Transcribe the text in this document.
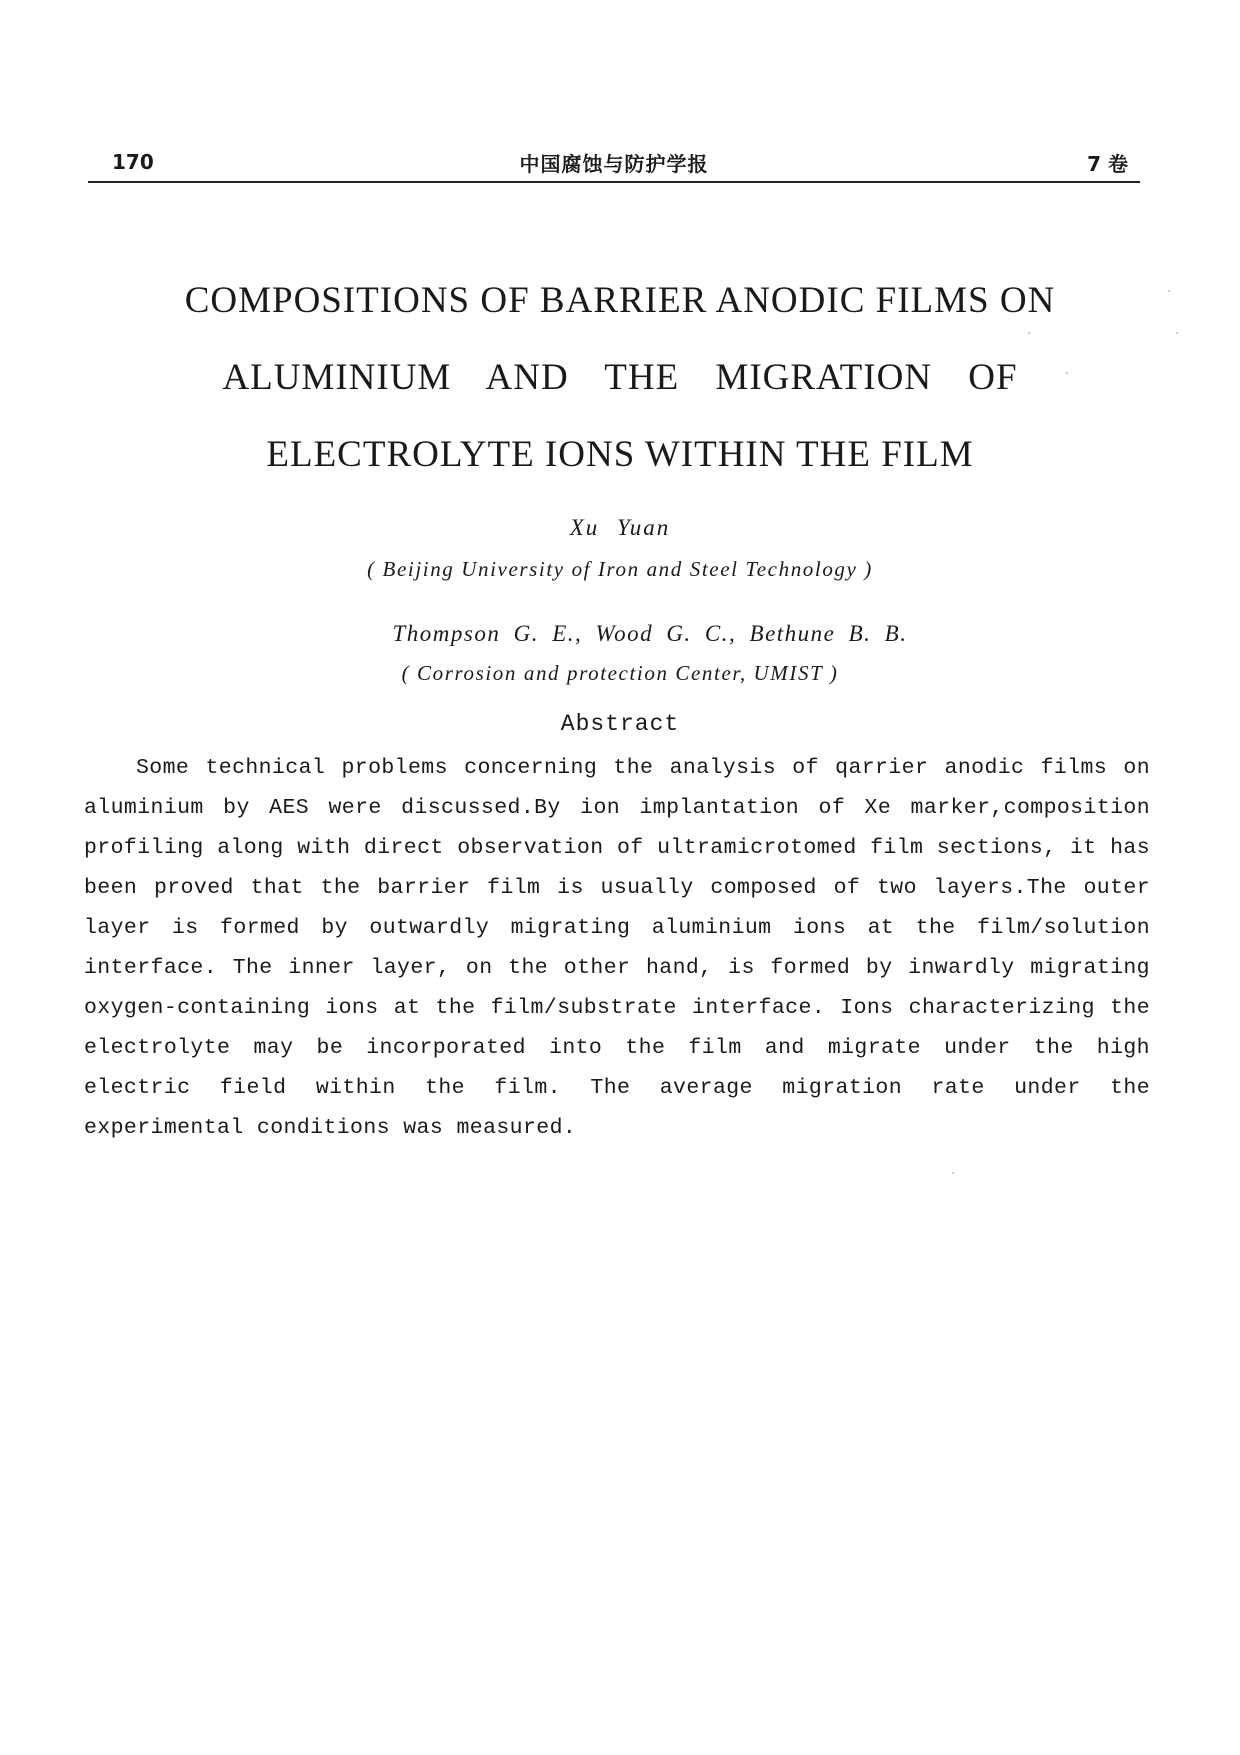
170	中国腐蚀与防护学报	7 卷
COMPOSITIONS OF BARRIER ANODIC FILMS ON
ALUMINIUM AND THE MIGRATION OF
ELECTROLYTE IONS WITHIN THE FILM
Xu Yuan
( Beijing University of Iron and Steel Technology )
Thompson G. E., Wood G. C., Bethune B. B.
( Corrosion and protection Center, UMIST )
Abstract

Some technical problems concerning the analysis of qarrier anodic films on aluminium by AES were discussed.By ion implantation of Xe marker,composition profiling along with direct observation of ultramicrotomed film sections, it has been proved that the barrier film is usually composed of two layers.The outer layer is formed by outwardly migrating aluminium ions at the film/solution interface. The inner layer, on the other hand, is formed by inwardly migrating oxygen-containing ions at the film/substrate interface. Ions characterizing the electrolyte may be incorporated into the film and migrate under the high electric field within the film. The average migration rate under the experimental conditions was measured.
